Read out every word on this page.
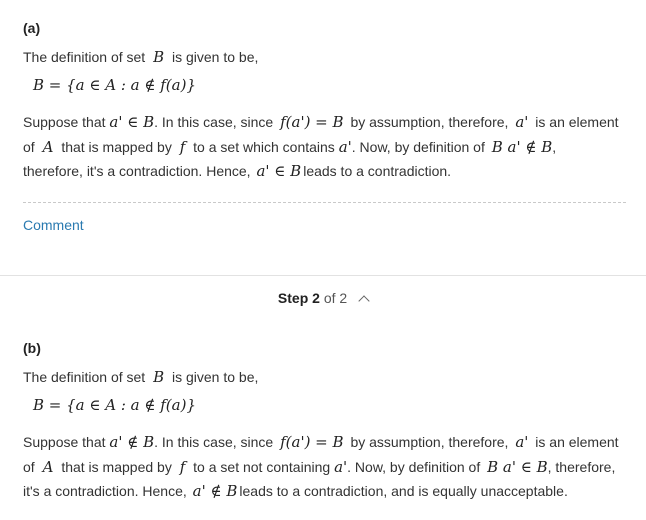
(a)
The definition of set B is given to be,
B = {a ∈ A : a ∉ f(a)}
Suppose that a' ∈ B. In this case, since f(a') = B by assumption, therefore, a' is an element
of A that is mapped by f to a set which contains a'. Now, by definition of B a' ∉ B,
therefore, it's a contradiction. Hence, a' ∈ B leads to a contradiction.
Comment
Step 2 of 2
(b)
The definition of set B is given to be,
B = {a ∈ A : a ∉ f(a)}
Suppose that a' ∉ B. In this case, since f(a') = B by assumption, therefore, a' is an element
of A that is mapped by f to a set not containing a'. Now, by definition of B a' ∈ B, therefore,
it's a contradiction. Hence, a' ∉ B leads to a contradiction, and is equally unacceptable.
